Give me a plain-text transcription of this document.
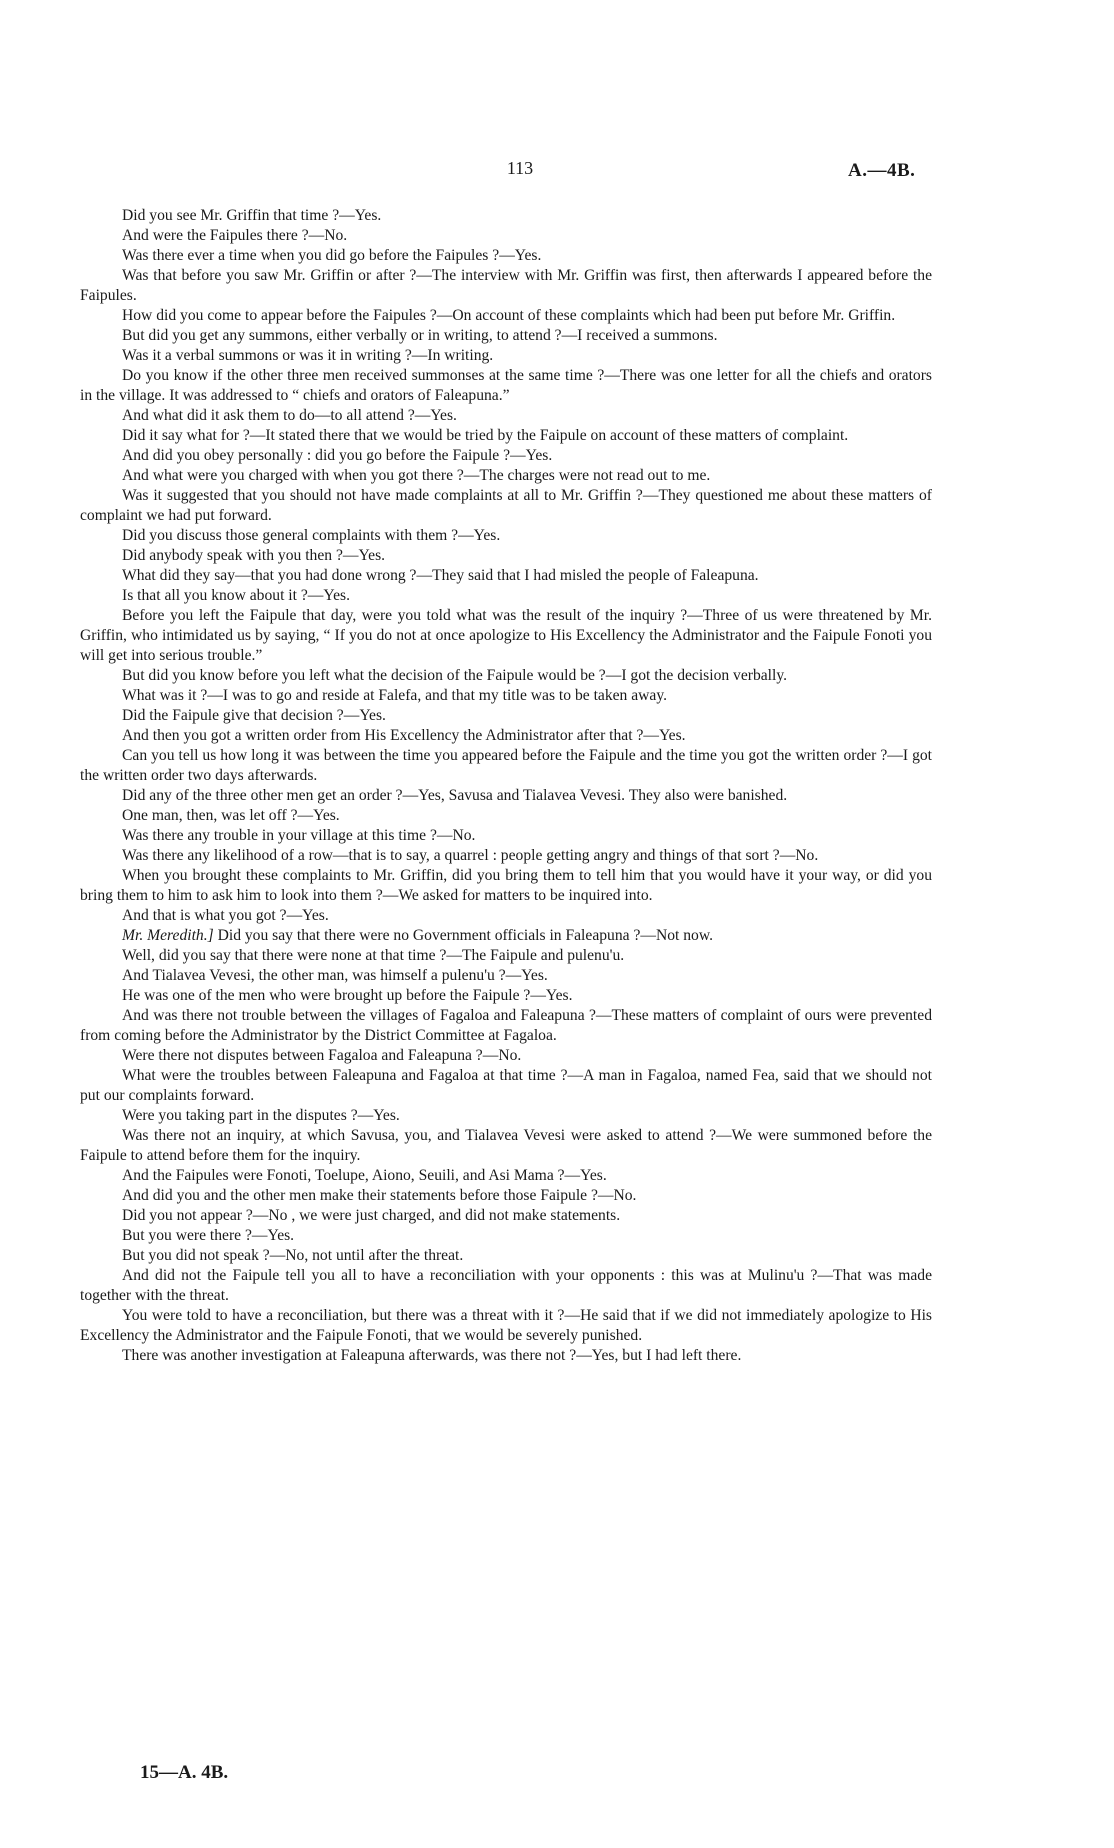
113	A.—4B.

Did you see Mr. Griffin that time ?—Yes.

And were the Faipules there ?—No.

Was there ever a time when you did go before the Faipules ?—Yes.

Was that before you saw Mr. Griffin or after ?—The interview with Mr. Griffin was first, then afterwards I appeared before the Faipules.

How did you come to appear before the Faipules ?—On account of these complaints which had been put before Mr. Griffin.

But did you get any summons, either verbally or in writing, to attend ?—I received a summons.

Was it a verbal summons or was it in writing ?—In writing.

Do you know if the other three men received summonses at the same time ?—There was one letter for all the chiefs and orators in the village. It was addressed to “ chiefs and orators of Faleapuna.”

And what did it ask them to do—to all attend ?—Yes.

Did it say what for ?—It stated there that we would be tried by the Faipule on account of these matters of complaint.

And did you obey personally : did you go before the Faipule ?—Yes.

And what were you charged with when you got there ?—The charges were not read out to me.

Was it suggested that you should not have made complaints at all to Mr. Griffin ?—They questioned me about these matters of complaint we had put forward.

Did you discuss those general complaints with them ?—Yes.

Did anybody speak with you then ?—Yes.

What did they say—that you had done wrong ?—They said that I had misled the people of Faleapuna.

Is that all you know about it ?—Yes.

Before you left the Faipule that day, were you told what was the result of the inquiry ?—Three of us were threatened by Mr. Griffin, who intimidated us by saying, “ If you do not at once apologize to His Excellency the Administrator and the Faipule Fonoti you will get into serious trouble.”

But did you know before you left what the decision of the Faipule would be ?—I got the decision verbally.

What was it ?—I was to go and reside at Falefa, and that my title was to be taken away.

Did the Faipule give that decision ?—Yes.

And then you got a written order from His Excellency the Administrator after that ?—Yes.

Can you tell us how long it was between the time you appeared before the Faipule and the time you got the written order ?—I got the written order two days afterwards.

Did any of the three other men get an order ?—Yes, Savusa and Tialavea Vevesi. They also were banished.

One man, then, was let off ?—Yes.

Was there any trouble in your village at this time ?—No.

Was there any likelihood of a row—that is to say, a quarrel : people getting angry and things of that sort ?—No.

When you brought these complaints to Mr. Griffin, did you bring them to tell him that you would have it your way, or did you bring them to him to ask him to look into them ?—We asked for matters to be inquired into.

And that is what you got ?—Yes.

Mr. Meredith.] Did you say that there were no Government officials in Faleapuna ?—Not now.

Well, did you say that there were none at that time ?—The Faipule and pulenu'u.

And Tialavea Vevesi, the other man, was himself a pulenu'u ?—Yes.

He was one of the men who were brought up before the Faipule ?—Yes.

And was there not trouble between the villages of Fagaloa and Faleapuna ?—These matters of complaint of ours were prevented from coming before the Administrator by the District Committee at Fagaloa.

Were there not disputes between Fagaloa and Faleapuna ?—No.

What were the troubles between Faleapuna and Fagaloa at that time ?—A man in Fagaloa, named Fea, said that we should not put our complaints forward.

Were you taking part in the disputes ?—Yes.

Was there not an inquiry, at which Savusa, you, and Tialavea Vevesi were asked to attend ?—We were summoned before the Faipule to attend before them for the inquiry.

And the Faipules were Fonoti, Toelupe, Aiono, Seuili, and Asi Mama ?—Yes.

And did you and the other men make their statements before those Faipule ?—No.

Did you not appear ?—No , we were just charged, and did not make statements.

But you were there ?—Yes.

But you did not speak ?—No, not until after the threat.

And did not the Faipule tell you all to have a reconciliation with your opponents : this was at Mulinu'u ?—That was made together with the threat.

You were told to have a reconciliation, but there was a threat with it ?—He said that if we did not immediately apologize to His Excellency the Administrator and the Faipule Fonoti, that we would be severely punished.

There was another investigation at Faleapuna afterwards, was there not ?—Yes, but I had left there.

15—A. 4B.
